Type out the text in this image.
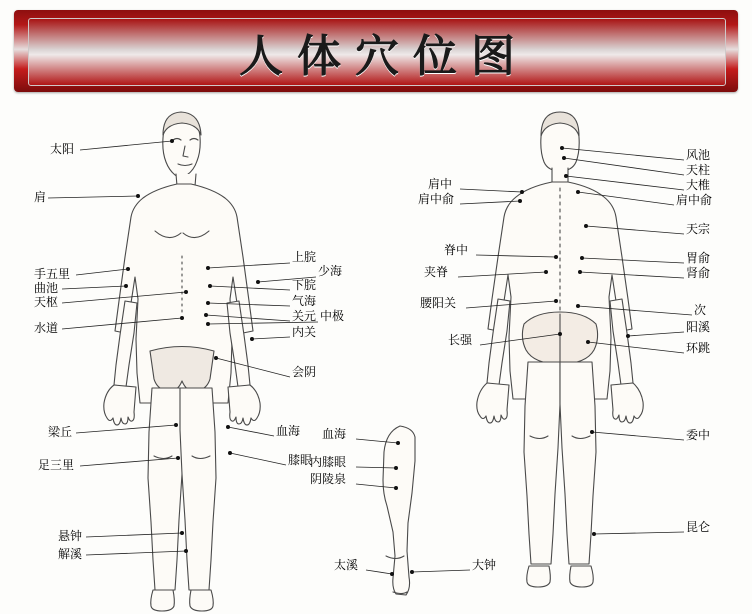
人体穴位图
太阳
肩
手五里
曲池
天枢
水道
梁丘
足三里
悬钟
解溪
上脘
少海
下脘
气海
关元 中极
内关
会阴
血海
膝眼
血海
内膝眼
阴陵泉
太溪	大钟
肩中
肩中俞
脊中
夹脊
腰阳关
长强
风池
天柱
大椎
肩中俞
天宗
胃俞
肾俞
次
阳溪
环跳
委中
昆仑
